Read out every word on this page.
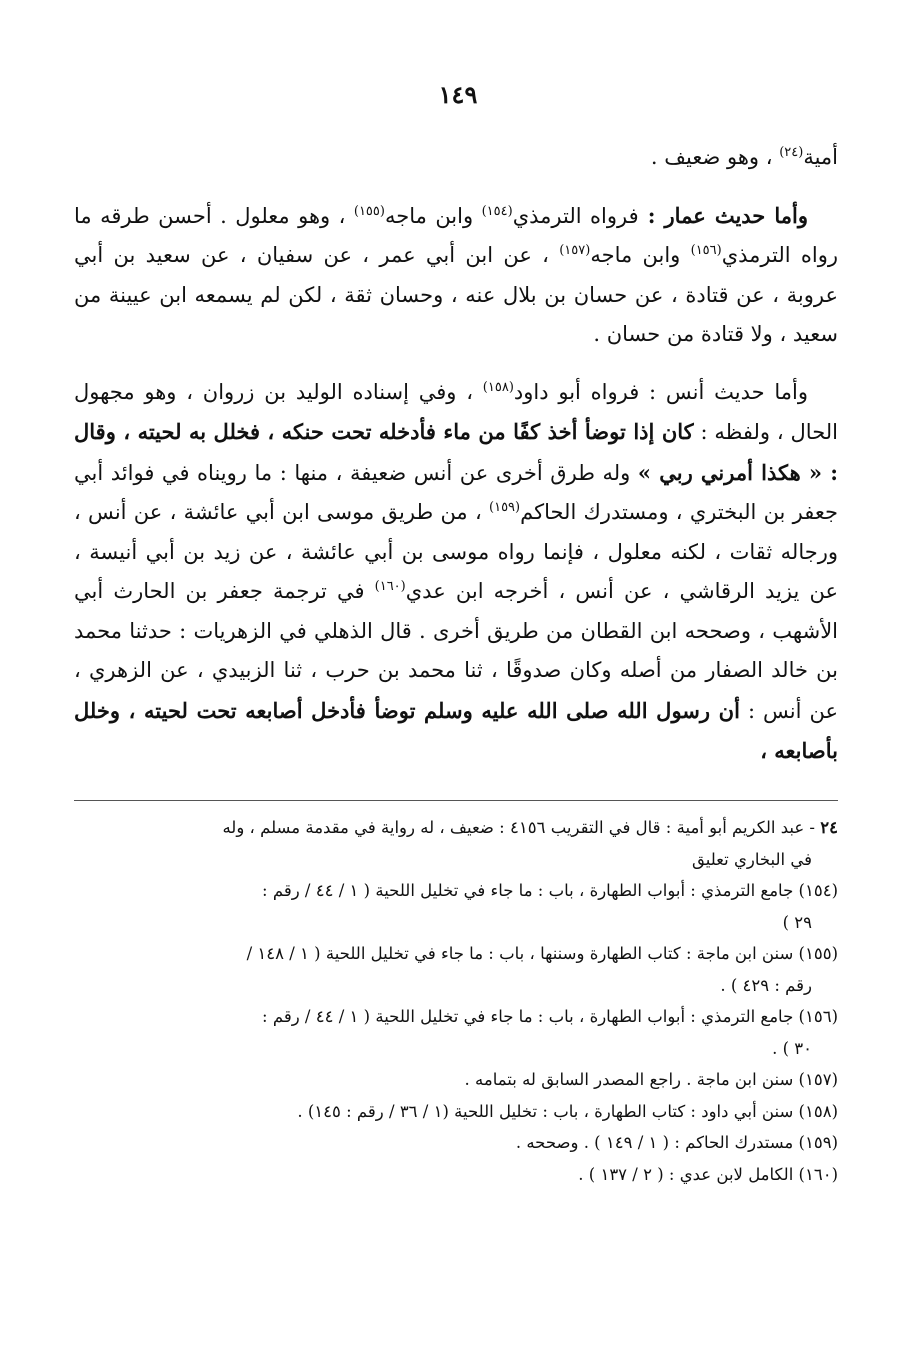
١٤٩

أمية$^{(٢٤)}$ ، وهو ضعيف .

وأما حديث عمار : فرواه الترمذي$^{(١٥٤)}$ وابن ماجه$^{(١٥٥)}$ ، وهو معلول . أحسن طرقه ما رواه الترمذي$^{(١٥٦)}$ وابن ماجه$^{(١٥٧)}$ ، عن ابن أبي عمر ، عن سفيان ، عن سعيد بن أبي عروبة ، عن قتادة ، عن حسان بن بلال عنه ، وحسان ثقة ، لكن لم يسمعه ابن عيينة من سعيد ، ولا قتادة من حسان .

وأما حديث أنس : فرواه أبو داود$^{(١٥٨)}$ ، وفي إسناده الوليد بن زروان ، وهو مجهول الحال ، ولفظه : كان إذا توضأ أخذ كفًا من ماء فأدخله تحت حنكه ، فخلل به لحيته ، وقال : « هكذا أمرني ربي » وله طرق أخرى عن أنس ضعيفة ، منها : ما رويناه في فوائد أبي جعفر بن البختري ، ومستدرك الحاكم$^{(١٥٩)}$ ، من طريق موسى ابن أبي عائشة ، عن أنس ، ورجاله ثقات ، لكنه معلول ، فإنما رواه موسى بن أبي عائشة ، عن زيد بن أبي أنيسة ، عن يزيد الرقاشي ، عن أنس ، أخرجه ابن عدي$^{(١٦٠)}$ في ترجمة جعفر بن الحارث أبي الأشهب ، وصححه ابن القطان من طريق أخرى . قال الذهلي في الزهريات : حدثنا محمد بن خالد الصفار من أصله وكان صدوقًا ، ثنا محمد بن حرب ، ثنا الزبيدي ، عن الزهري ، عن أنس : أن رسول الله صلى الله عليه وسلم توضأ فأدخل أصابعه تحت لحيته ، وخلل بأصابعه ،

٢٤ - عبد الكريم أبو أمية : قال في التقريب ٤١٥٦ : ضعيف ، له رواية في مقدمة مسلم ، وله
في البخاري تعليق

(١٥٤) جامع الترمذي : أبواب الطهارة ، باب : ما جاء في تخليل اللحية ( ١ / ٤٤ / رقم :
٢٩ )

(١٥٥) سنن ابن ماجة : كتاب الطهارة وسننها ، باب : ما جاء في تخليل اللحية ( ١ / ١٤٨ /
رقم : ٤٢٩ ) .

(١٥٦) جامع الترمذي : أبواب الطهارة ، باب : ما جاء في تخليل اللحية ( ١ / ٤٤ / رقم :
٣٠ ) .

(١٥٧) سنن ابن ماجة . راجع المصدر السابق له بتمامه .

(١٥٨) سنن أبي داود : كتاب الطهارة ، باب : تخليل اللحية (١ / ٣٦ / رقم : ١٤٥) .

(١٥٩) مستدرك الحاكم : ( ١ / ١٤٩ ) . وصححه .

(١٦٠) الكامل لابن عدي : ( ٢ / ١٣٧ ) .
